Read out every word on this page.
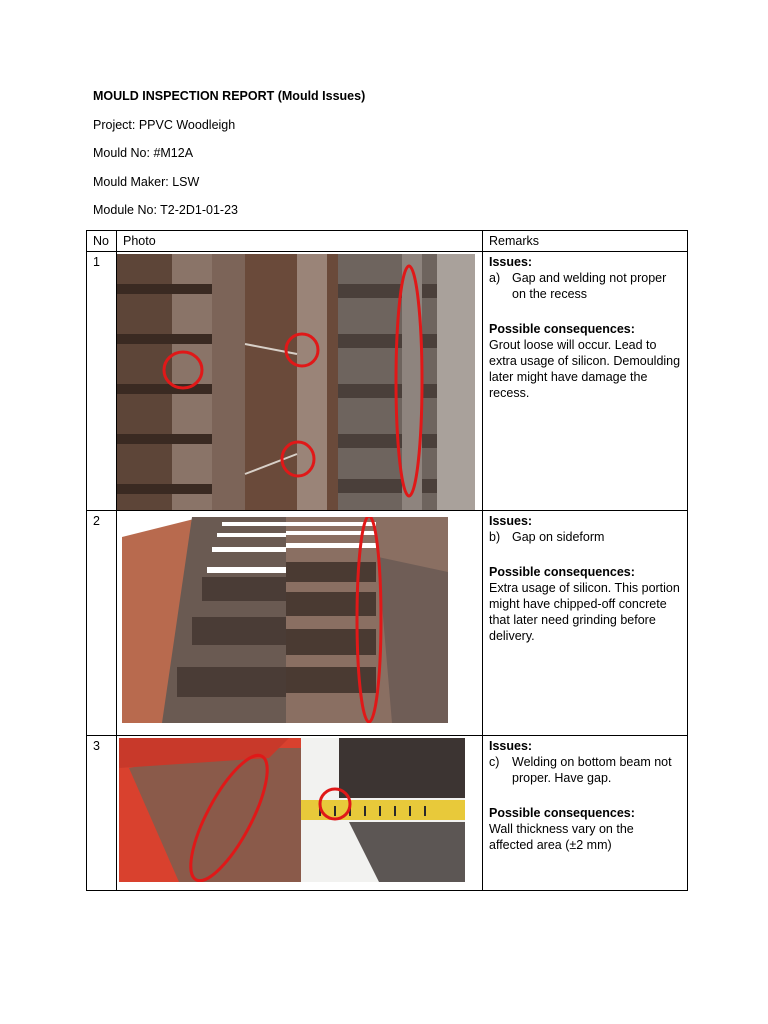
MOULD INSPECTION REPORT (Mould Issues)
Project: PPVC Woodleigh
Mould No: #M12A
Mould Maker: LSW
Module No: T2-2D1-01-23
No	Photo	Remarks
1		Issues:
a) Gap and welding not proper on the recess
Possible consequences:
Grout loose will occur. Lead to extra usage of silicon. Demoulding later might have damage the recess.

2		Issues:
b) Gap on sideform
Possible consequences:
Extra usage of silicon. This portion might have chipped-off concrete that later need grinding before delivery.

3		Issues:
c) Welding on bottom beam not proper. Have gap.
Possible consequences:
Wall thickness vary on the affected area (±2 mm)
